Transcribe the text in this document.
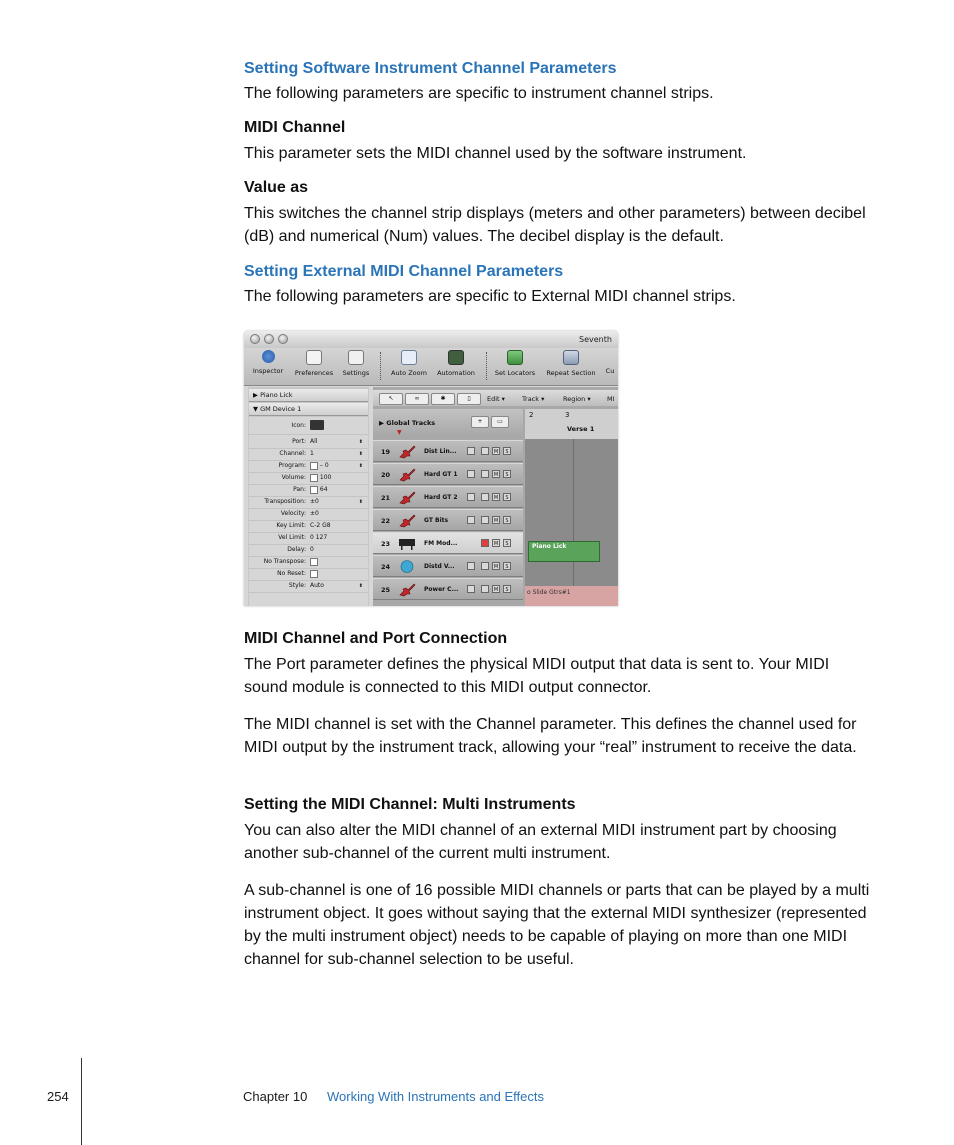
Setting Software Instrument Channel Parameters

The following parameters are specific to instrument channel strips.

MIDI Channel

This parameter sets the MIDI channel used by the software instrument.

Value as

This switches the channel strip displays (meters and other parameters) between decibel (dB) and numerical (Num) values. The decibel display is the default.

Setting External MIDI Channel Parameters

The following parameters are specific to External MIDI channel strips.

Seventh
Inspector	Preferences	Settings	Auto Zoom	Automation	Set Locators	Repeat Section	Cu
▶ Piano Lick
▼ GM Device 1
Icon:
Port: All	⬍
Channel: 1	⬍
Program:	– 0	⬍
Volume:	100
Pan:	64
Transposition: ±0	⬍
Velocity: ±0
Key Limit: C-2 G8
Vel Limit: 0 127
Delay: 0
No Transpose:
No Reset:
Style: Auto	⬍
↖	∞	✱	▯	Edit ▾	Track ▾	Region ▾	MI
▶ Global Tracks	+	▭
▼
2	3
Verse 1
19	Dist Lin...	M	S
20	Hard GT 1	M	S
21	Hard GT 2	M	S
22	GT Bits	M	S
23	FM Mod...	M	S
24	Distd V...	M	S
25	Power C...	M	S
Piano Lick
o Slide Gtrs#1
MIDI Channel and Port Connection

The Port parameter defines the physical MIDI output that data is sent to. Your MIDI sound module is connected to this MIDI output connector.

The MIDI channel is set with the Channel parameter. This defines the channel used for MIDI output by the instrument track, allowing your “real” instrument to receive the data.

Setting the MIDI Channel: Multi Instruments

You can also alter the MIDI channel of an external MIDI instrument part by choosing another sub-channel of the current multi instrument.

A sub-channel is one of 16 possible MIDI channels or parts that can be played by a multi instrument object. It goes without saying that the external MIDI synthesizer (represented by the multi instrument object) needs to be capable of playing on more than one MIDI channel for sub-channel selection to be useful.

254	Chapter 10 Working With Instruments and Effects
